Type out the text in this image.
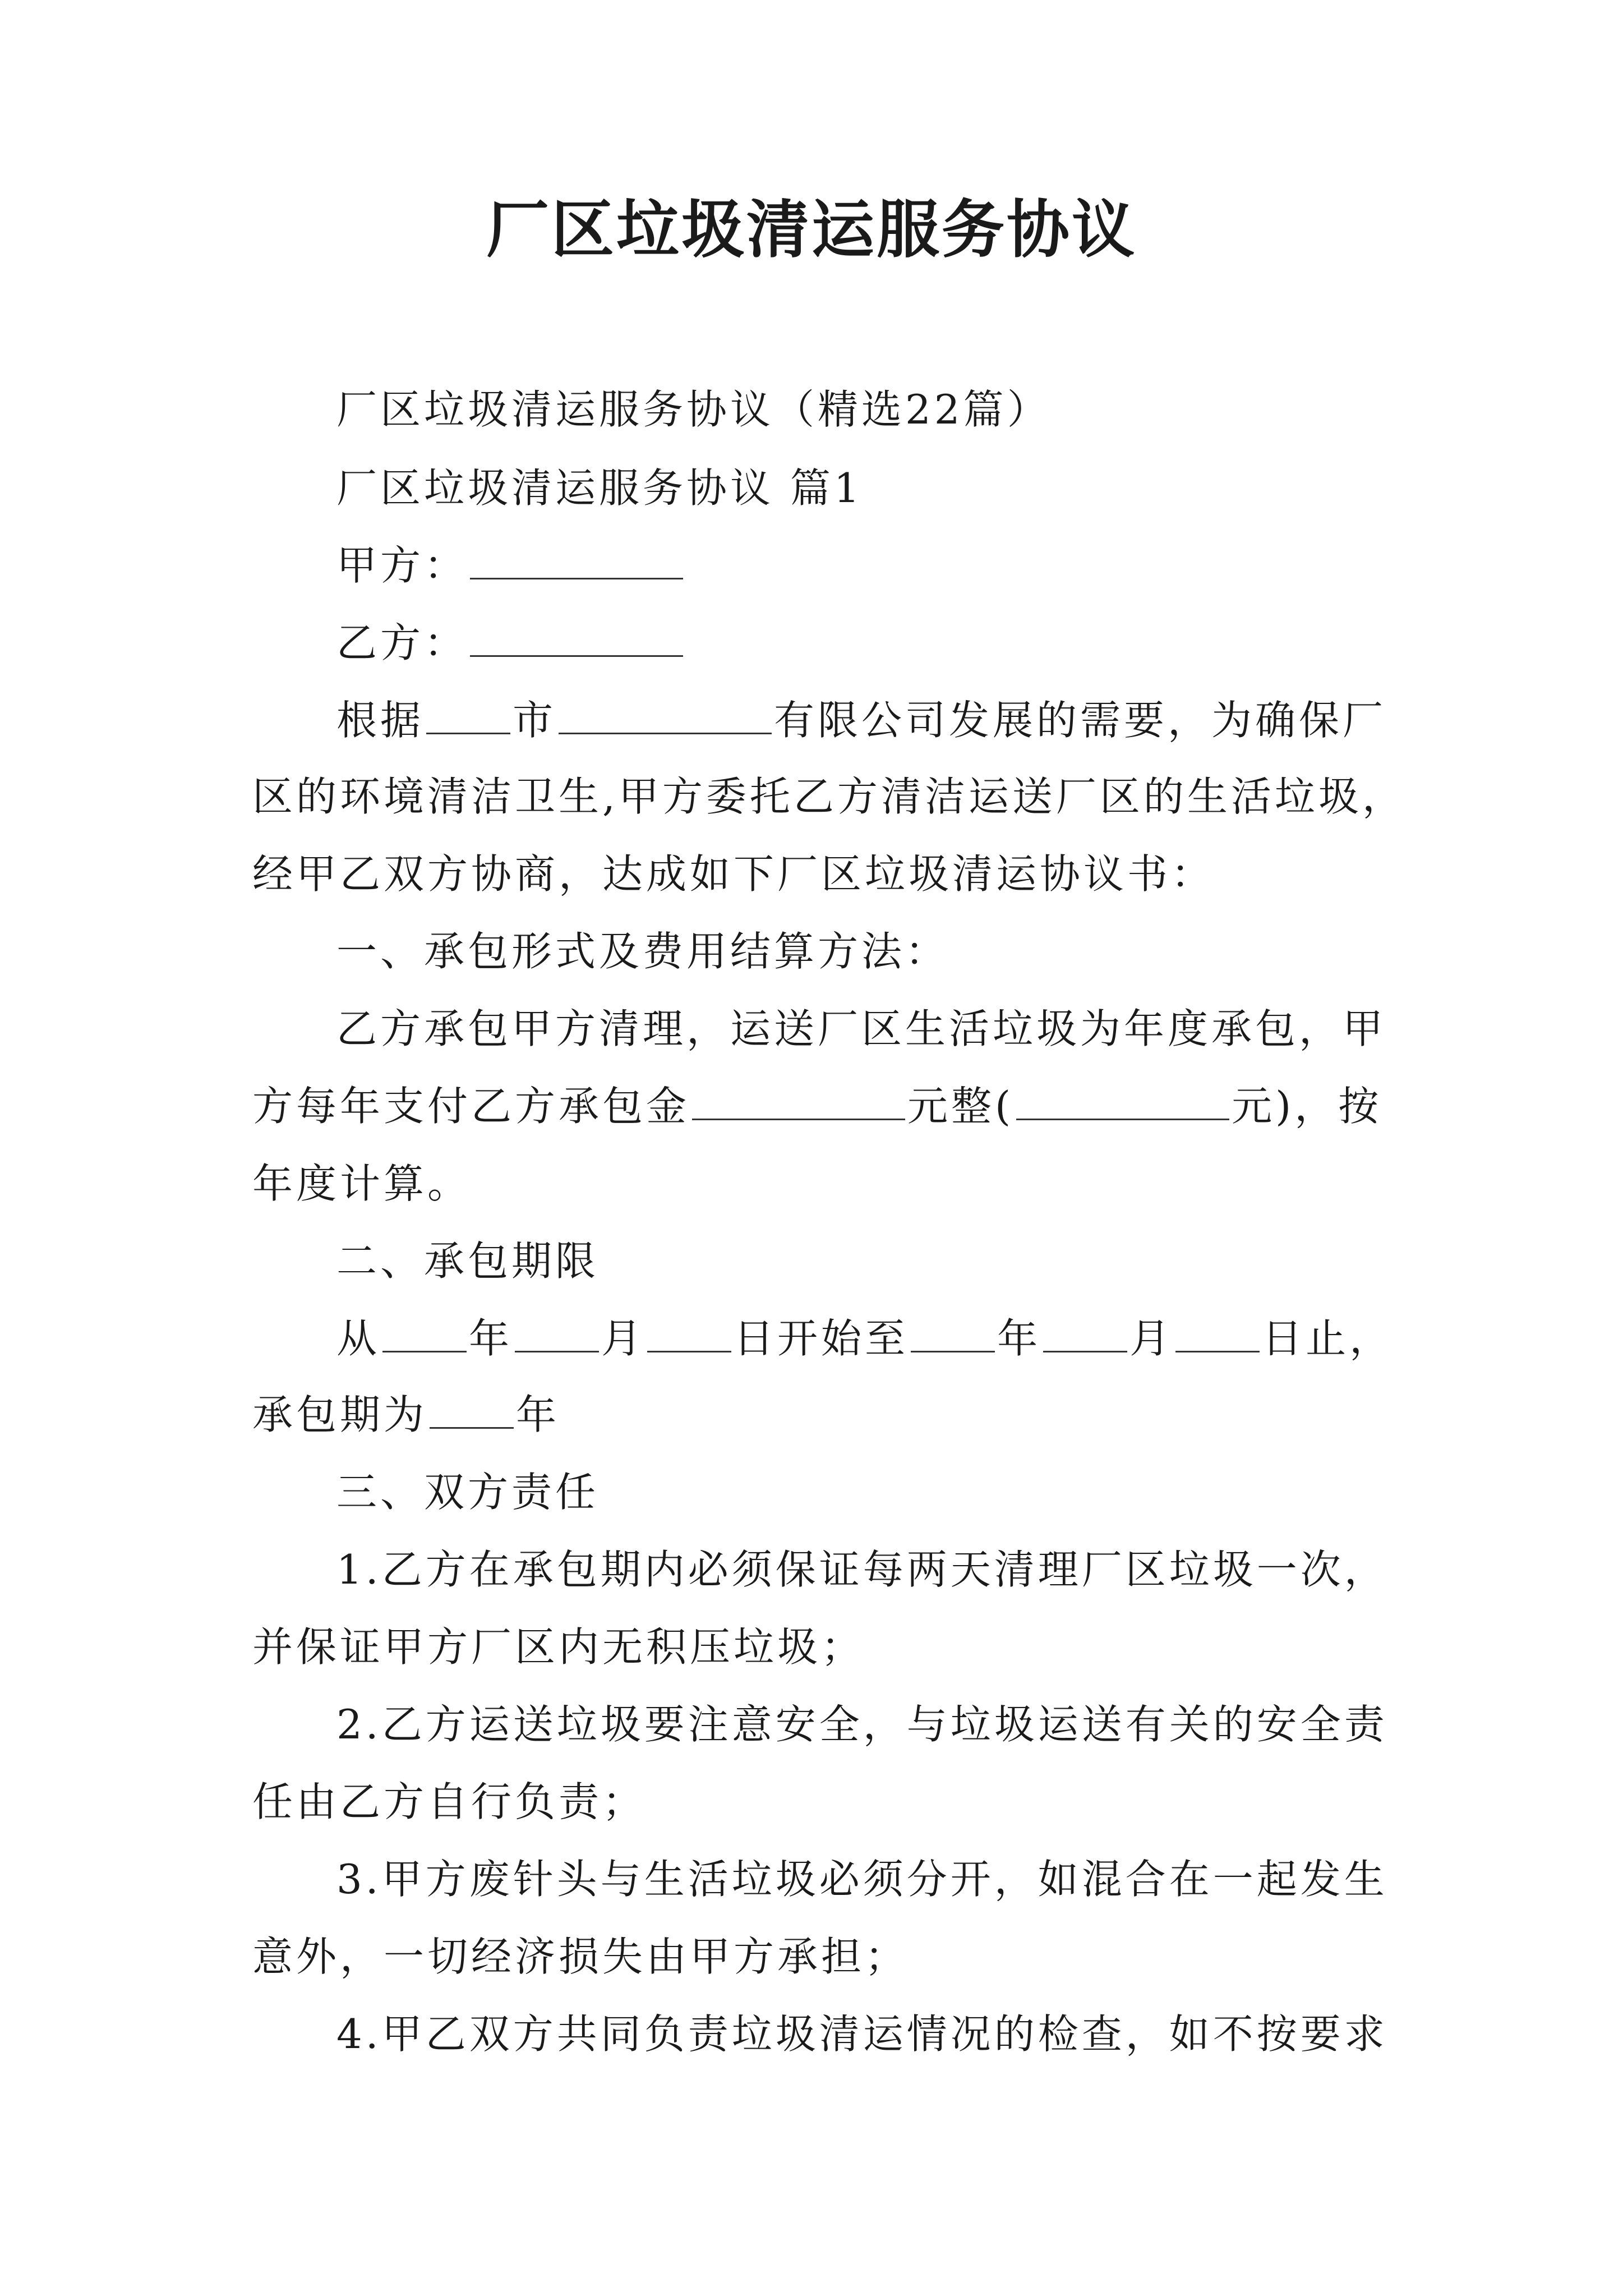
厂区垃圾清运服务协议
厂区垃圾清运服务协议（精选22篇）
厂区垃圾清运服务协议 篇1
甲方：
乙方：
根据 市	有限公司发展的需要，为确保厂
区的环境清洁卫生,甲方委托乙方清洁运送厂区的生活垃圾，
经甲乙双方协商，达成如下厂区垃圾清运协议书：
一、承包形式及费用结算方法：
乙方承包甲方清理，运送厂区生活垃圾为年度承包，甲
方每年支付乙方承包金	元整(	元)，按
年度计算。
二、承包期限
从 年 月 日开始至 年 月 日止，
承包期为 年
三、双方责任
1.乙方在承包期内必须保证每两天清理厂区垃圾一次，
并保证甲方厂区内无积压垃圾；
2.乙方运送垃圾要注意安全，与垃圾运送有关的安全责
任由乙方自行负责；
3.甲方废针头与生活垃圾必须分开，如混合在一起发生
意外，一切经济损失由甲方承担；
4.甲乙双方共同负责垃圾清运情况的检查，如不按要求
